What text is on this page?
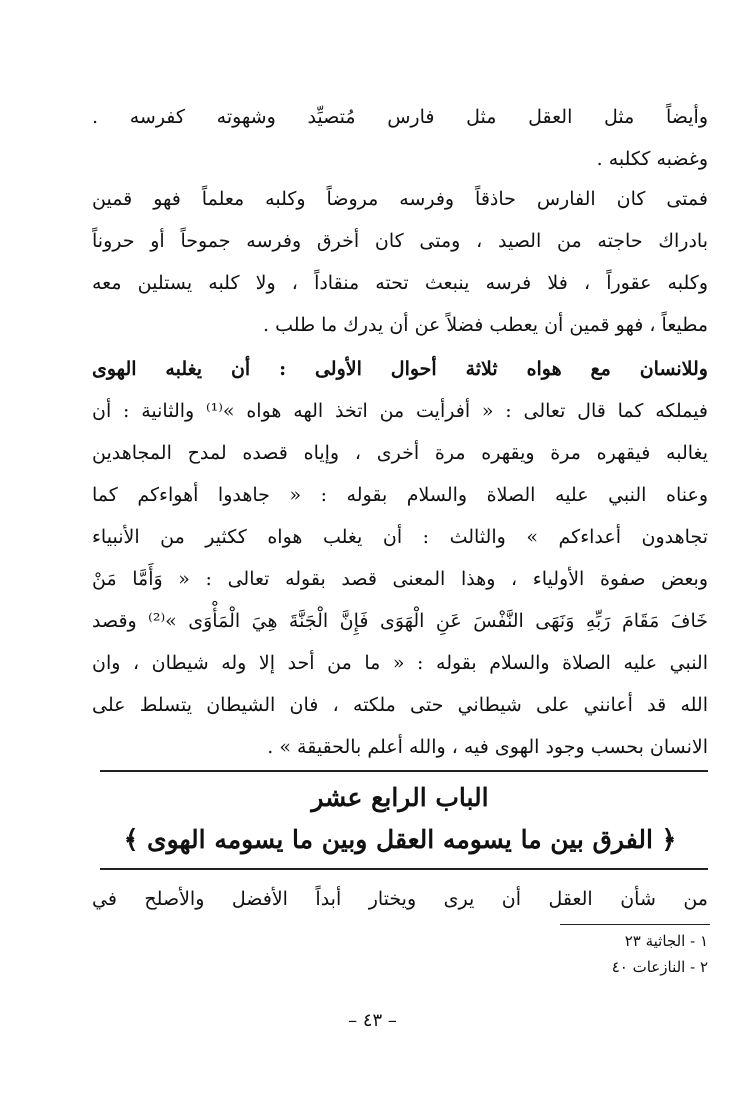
وأيضاً مثل العقل مثل فارس مُتصيِّد وشهوته كفرسه .
وغضبه ككلبه .
فمتى كان الفارس حاذقاً وفرسه مروضاً وكلبه معلماً فهو قمين
بادراك حاجته من الصيد ، ومتى كان أخرق وفرسه جموحاً أو حروناً
وكلبه عقوراً ، فلا فرسه ينبعث تحته منقاداً ، ولا كلبه يستلين معه
مطيعاً ، فهو قمين أن يعطب فضلاً عن أن يدرك ما طلب .
وللانسان مع هواه ثلاثة أحوال الأولى : أن يغلبه الهوى
فيملكه كما قال تعالى : « أفرأيت من اتخذ الهه هواه »⁽¹⁾ والثانية : أن
يغالبه فيقهره مرة ويقهره مرة أخرى ، وإياه قصده لمدح المجاهدين
وعناه النبي عليه الصلاة والسلام بقوله : « جاهدوا أهواءكم كما
تجاهدون أعداءكم » والثالث : أن يغلب هواه ككثير من الأنبياء
وبعض صفوة الأولياء ، وهذا المعنى قصد بقوله تعالى : « وَأَمَّا مَنْ
خَافَ مَقَامَ رَبِّهِ وَنَهَى النَّفْسَ عَنِ الْهَوَى فَإِنَّ الْجَنَّةَ هِيَ الْمَأْوَى »⁽²⁾ وقصد
النبي عليه الصلاة والسلام بقوله : « ما من أحد إلا وله شيطان ، وان
الله قد أعانني على شيطاني حتى ملكته ، فان الشيطان يتسلط على
الانسان بحسب وجود الهوى فيه ، والله أعلم بالحقيقة » .
الباب الرابع عشر
﴿ الفرق بين ما يسومه العقل وبين ما يسومه الهوى ﴾
من شأن العقل أن يرى ويختار أبداً الأفضل والأصلح في
١ - الجاثية ٢٣
٢ - النازعات ٤٠
– ٤٣ –
